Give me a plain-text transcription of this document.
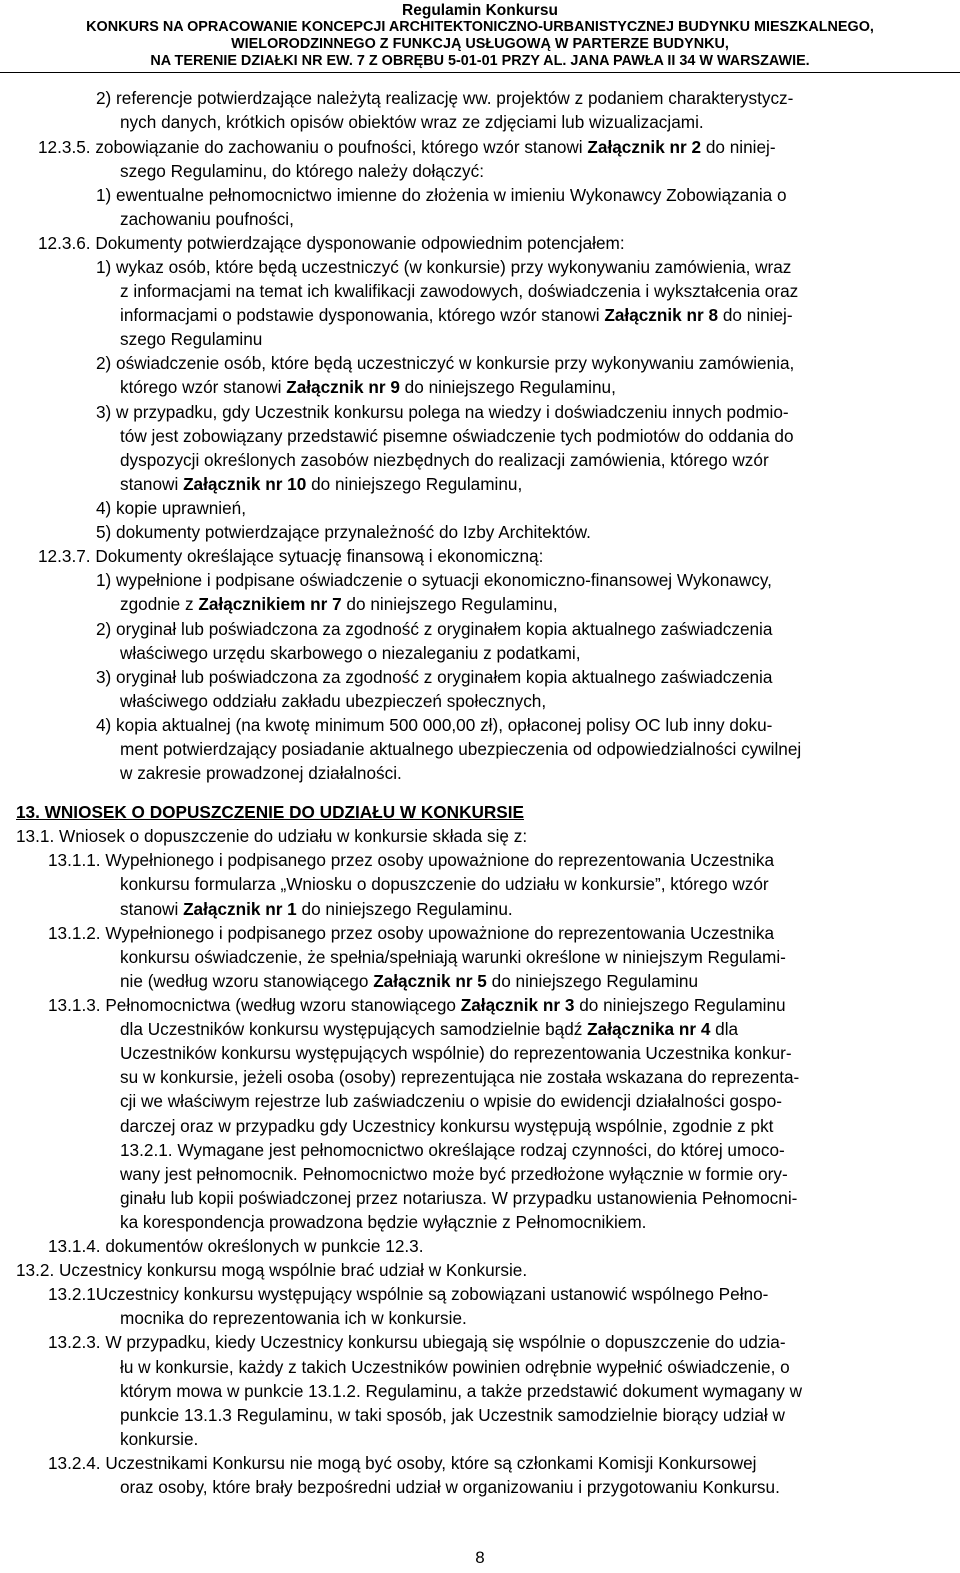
Regulamin Konkursu
KONKURS NA OPRACOWANIE KONCEPCJI ARCHITEKTONICZNO-URBANISTYCZNEJ BUDYNKU MIESZKALNEGO,
WIELORODZINNEGO Z FUNKCJĄ USŁUGOWĄ W PARTERZE BUDYNKU,
NA TERENIE DZIAŁKI NR EW. 7 Z OBRĘBU 5-01-01 PRZY AL. JANA PAWŁA II 34 W WARSZAWIE.
2) referencje potwierdzające należytą realizację ww. projektów z podaniem charakterystycz-
nych danych, krótkich opisów obiektów wraz ze zdjęciami lub wizualizacjami.
12.3.5. zobowiązanie do zachowaniu o poufności, którego wzór stanowi Załącznik nr 2 do niniej-
szego Regulaminu, do którego należy dołączyć:
1) ewentualne pełnomocnictwo imienne do złożenia w imieniu Wykonawcy Zobowiązania o
zachowaniu poufności,
12.3.6. Dokumenty potwierdzające dysponowanie odpowiednim potencjałem:
1) wykaz osób, które będą uczestniczyć (w konkursie) przy wykonywaniu zamówienia, wraz
z informacjami na temat ich kwalifikacji zawodowych, doświadczenia i wykształcenia oraz
informacjami o podstawie dysponowania, którego wzór stanowi Załącznik nr 8 do niniej-
szego Regulaminu
2) oświadczenie osób, które będą uczestniczyć w konkursie przy wykonywaniu zamówienia,
którego wzór stanowi Załącznik nr 9 do niniejszego Regulaminu,
3) w przypadku, gdy Uczestnik konkursu polega na wiedzy i doświadczeniu innych podmio-
tów jest zobowiązany przedstawić pisemne oświadczenie tych podmiotów do oddania do
dyspozycji określonych zasobów niezbędnych do realizacji zamówienia, którego wzór
stanowi Załącznik nr 10 do niniejszego Regulaminu,
4) kopie uprawnień,
5) dokumenty potwierdzające przynależność do Izby Architektów.
12.3.7. Dokumenty określające sytuację finansową i ekonomiczną:
1) wypełnione i podpisane oświadczenie o sytuacji ekonomiczno-finansowej Wykonawcy,
zgodnie z Załącznikiem nr 7 do niniejszego Regulaminu,
2) oryginał lub poświadczona za zgodność z oryginałem kopia aktualnego zaświadczenia
właściwego urzędu skarbowego o niezaleganiu z podatkami,
3) oryginał lub poświadczona za zgodność z oryginałem kopia aktualnego zaświadczenia
właściwego oddziału zakładu ubezpieczeń społecznych,
4) kopia aktualnej (na kwotę minimum 500 000,00 zł), opłaconej polisy OC lub inny doku-
ment potwierdzający posiadanie aktualnego ubezpieczenia od odpowiedzialności cywilnej
w zakresie prowadzonej działalności.
13. WNIOSEK O DOPUSZCZENIE DO UDZIAŁU W KONKURSIE
13.1. Wniosek o dopuszczenie do udziału w konkursie składa się z:
13.1.1. Wypełnionego i podpisanego przez osoby upoważnione do reprezentowania Uczestnika
konkursu formularza „Wniosku o dopuszczenie do udziału w konkursie”, którego wzór
stanowi Załącznik nr 1 do niniejszego Regulaminu.
13.1.2. Wypełnionego i podpisanego przez osoby upoważnione do reprezentowania Uczestnika
konkursu oświadczenie, że spełnia/spełniają warunki określone w niniejszym Regulami-
nie (według wzoru stanowiącego Załącznik nr 5 do niniejszego Regulaminu
13.1.3. Pełnomocnictwa (według wzoru stanowiącego Załącznik nr 3 do niniejszego Regulaminu
dla Uczestników konkursu występujących samodzielnie bądź Załącznika nr 4 dla
Uczestników konkursu występujących wspólnie) do reprezentowania Uczestnika konkur-
su w konkursie, jeżeli osoba (osoby) reprezentująca nie została wskazana do reprezenta-
cji we właściwym rejestrze lub zaświadczeniu o wpisie do ewidencji działalności gospo-
darczej oraz w przypadku gdy Uczestnicy konkursu występują wspólnie, zgodnie z pkt
13.2.1. Wymagane jest pełnomocnictwo określające rodzaj czynności, do której umoco-
wany jest pełnomocnik. Pełnomocnictwo może być przedłożone wyłącznie w formie ory-
ginału lub kopii poświadczonej przez notariusza. W przypadku ustanowienia Pełnomocni-
ka korespondencja prowadzona będzie wyłącznie z Pełnomocnikiem.
13.1.4. dokumentów określonych w punkcie 12.3.
13.2. Uczestnicy konkursu mogą wspólnie brać udział w Konkursie.
13.2.1Uczestnicy konkursu występujący wspólnie są zobowiązani ustanowić wspólnego Pełno-
mocnika do reprezentowania ich w konkursie.
13.2.3. W przypadku, kiedy Uczestnicy konkursu ubiegają się wspólnie o dopuszczenie do udzia-
łu w konkursie, każdy z takich Uczestników powinien odrębnie wypełnić oświadczenie, o
którym mowa w punkcie 13.1.2. Regulaminu, a także przedstawić dokument wymagany w
punkcie 13.1.3 Regulaminu, w taki sposób, jak Uczestnik samodzielnie biorący udział w
konkursie.
13.2.4. Uczestnikami Konkursu nie mogą być osoby, które są członkami Komisji Konkursowej
oraz osoby, które brały bezpośredni udział w organizowaniu i przygotowaniu Konkursu.
8
